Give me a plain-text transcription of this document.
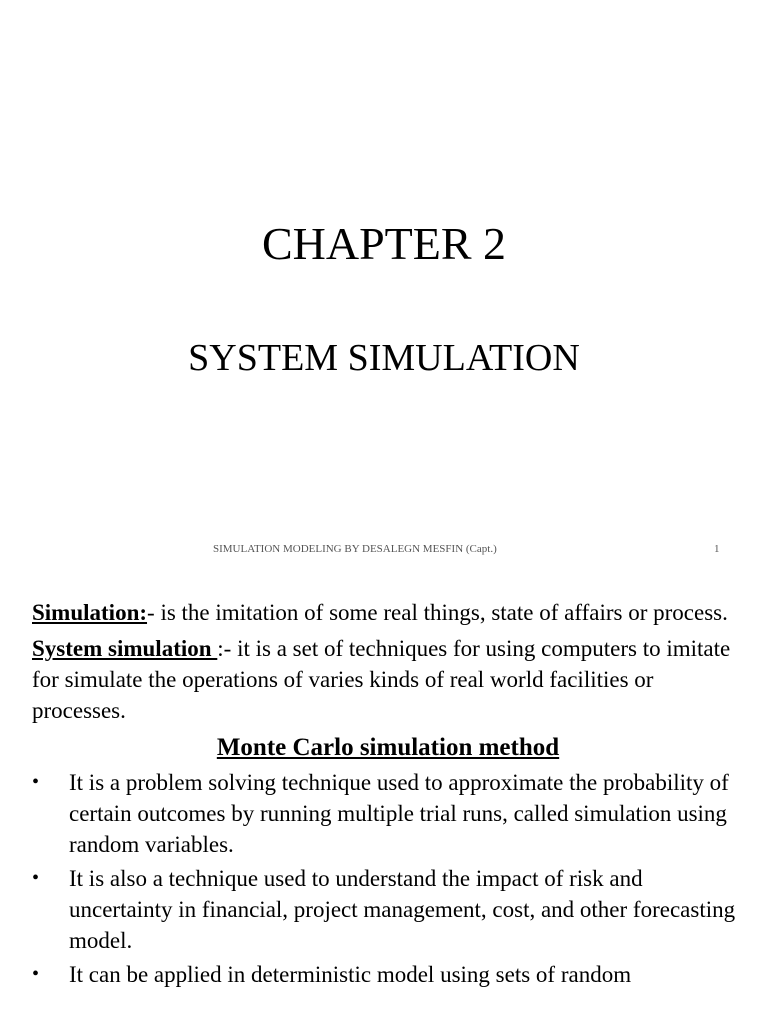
CHAPTER 2
SYSTEM SIMULATION
SIMULATION MODELING BY DESALEGN MESFIN (Capt.)	1

Simulation:- is the imitation of some real things, state of affairs or process.

System simulation :- it is a set of techniques for using computers to imitate for simulate the operations of varies kinds of real world facilities or processes.

Monte Carlo simulation method
• It is a problem solving technique used to approximate the probability of certain outcomes by running multiple trial runs, called simulation using random variables.
• It is also a technique used to understand the impact of risk and uncertainty in financial, project management, cost, and other forecasting model.
• It can be applied in deterministic model using sets of random
